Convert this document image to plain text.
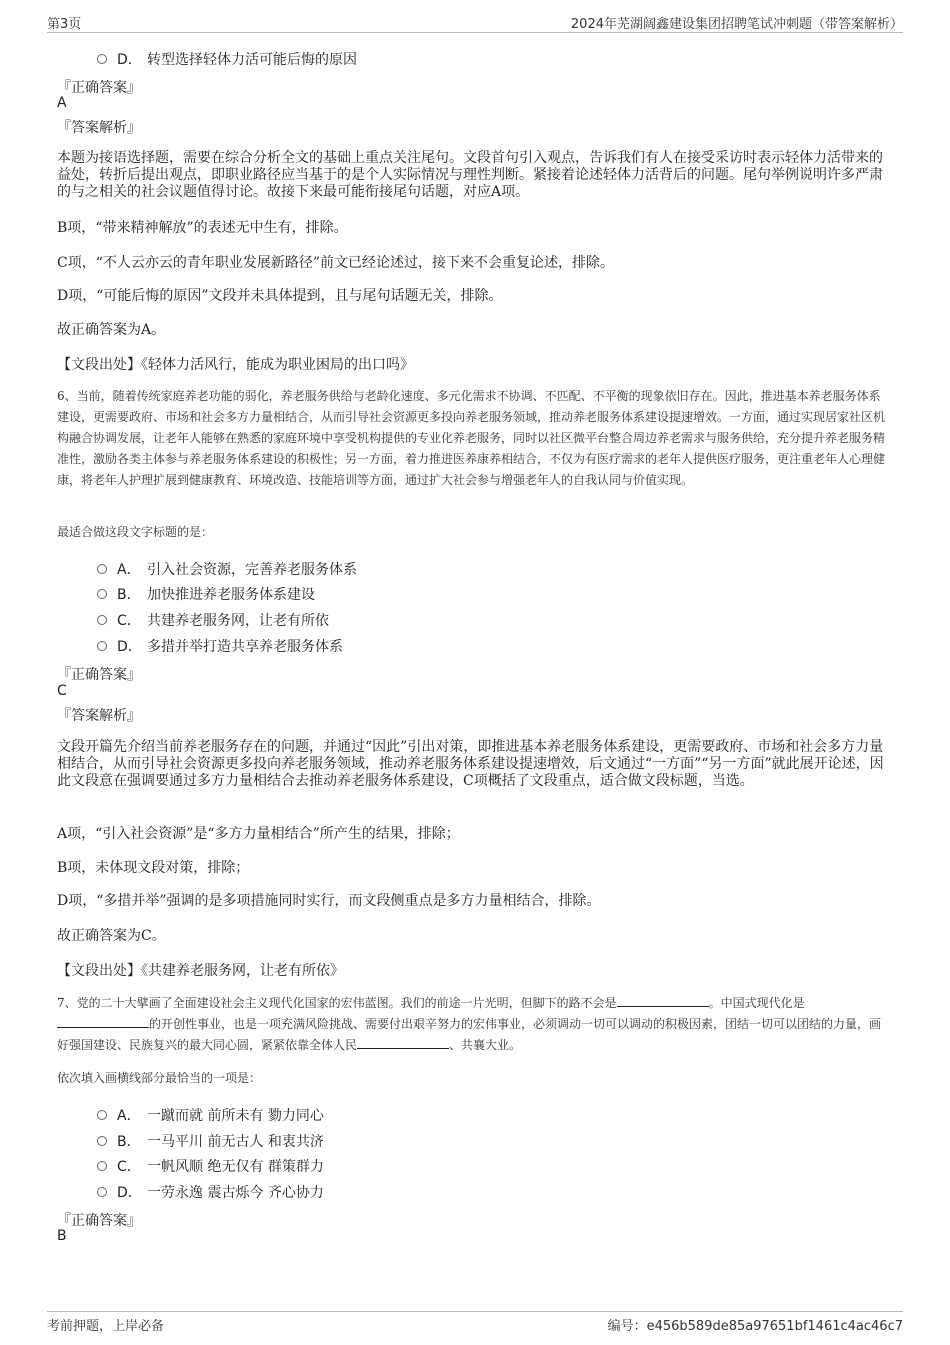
第3页	2024年芜湖阔鑫建设集团招聘笔试冲刺题（带答案解析）
D． 转型选择轻体力活可能后悔的原因
『正确答案』
A
『答案解析』
本题为接语选择题，需要在综合分析全文的基础上重点关注尾句。文段首句引入观点，告诉我们有人在接受采访时表示轻体力活带来的益处，转折后提出观点，即职业路径应当基于的是个人实际情况与理性判断。紧接着论述轻体力活背后的问题。尾句举例说明许多严肃的与之相关的社会议题值得讨论。故接下来最可能衔接尾句话题，对应A项。
B项，“带来精神解放”的表述无中生有，排除。
C项，“不人云亦云的青年职业发展新路径”前文已经论述过，接下来不会重复论述，排除。
D项，“可能后悔的原因”文段并未具体提到，且与尾句话题无关，排除。
故正确答案为A。
【文段出处】《轻体力活风行，能成为职业困局的出口吗》
6、当前，随着传统家庭养老功能的弱化，养老服务供给与老龄化速度、多元化需求不协调、不匹配、不平衡的现象依旧存在。因此，推进基本养老服务体系建设，更需要政府、市场和社会多方力量相结合，从而引导社会资源更多投向养老服务领域，推动养老服务体系建设提速增效。一方面，通过实现居家社区机构融合协调发展，让老年人能够在熟悉的家庭环境中享受机构提供的专业化养老服务，同时以社区微平台整合周边养老需求与服务供给，充分提升养老服务精准性，激励各类主体参与养老服务体系建设的积极性；另一方面，着力推进医养康养相结合，不仅为有医疗需求的老年人提供医疗服务，更注重老年人心理健康，将老年人护理扩展到健康教育、环境改造、技能培训等方面，通过扩大社会参与增强老年人的自我认同与价值实现。
最适合做这段文字标题的是：
A． 引入社会资源，完善养老服务体系
B． 加快推进养老服务体系建设
C． 共建养老服务网，让老有所依
D． 多措并举打造共享养老服务体系
『正确答案』
C
『答案解析』
文段开篇先介绍当前养老服务存在的问题，并通过“因此”引出对策，即推进基本养老服务体系建设，更需要政府、市场和社会多方力量相结合，从而引导社会资源更多投向养老服务领域，推动养老服务体系建设提速增效，后文通过“一方面”“另一方面”就此展开论述，因此文段意在强调要通过多方力量相结合去推动养老服务体系建设，C项概括了文段重点，适合做文段标题，当选。
A项，“引入社会资源”是“多方力量相结合”所产生的结果，排除；
B项，未体现文段对策，排除；
D项，“多措并举”强调的是多项措施同时实行，而文段侧重点是多方力量相结合，排除。
故正确答案为C。
【文段出处】《共建养老服务网，让老有所依》
7、党的二十大擘画了全面建设社会主义现代化国家的宏伟蓝图。我们的前途一片光明，但脚下的路不会是	。中国式现代化是的开创性事业，也是一项充满风险挑战、需要付出艰辛努力的宏伟事业，必须调动一切可以调动的积极因素，团结一切可以团结的力量，画好强国建设、民族复兴的最大同心圆，紧紧依靠全体人民	、共襄大业。
依次填入画横线部分最恰当的一项是：
A． 一蹴而就 前所未有 勠力同心
B． 一马平川 前无古人 和衷共济
C． 一帆风顺 绝无仅有 群策群力
D． 一劳永逸 震古烁今 齐心协力
『正确答案』
B
考前押题，上岸必备	编号：e456b589de85a97651bf1461c4ac46c7
